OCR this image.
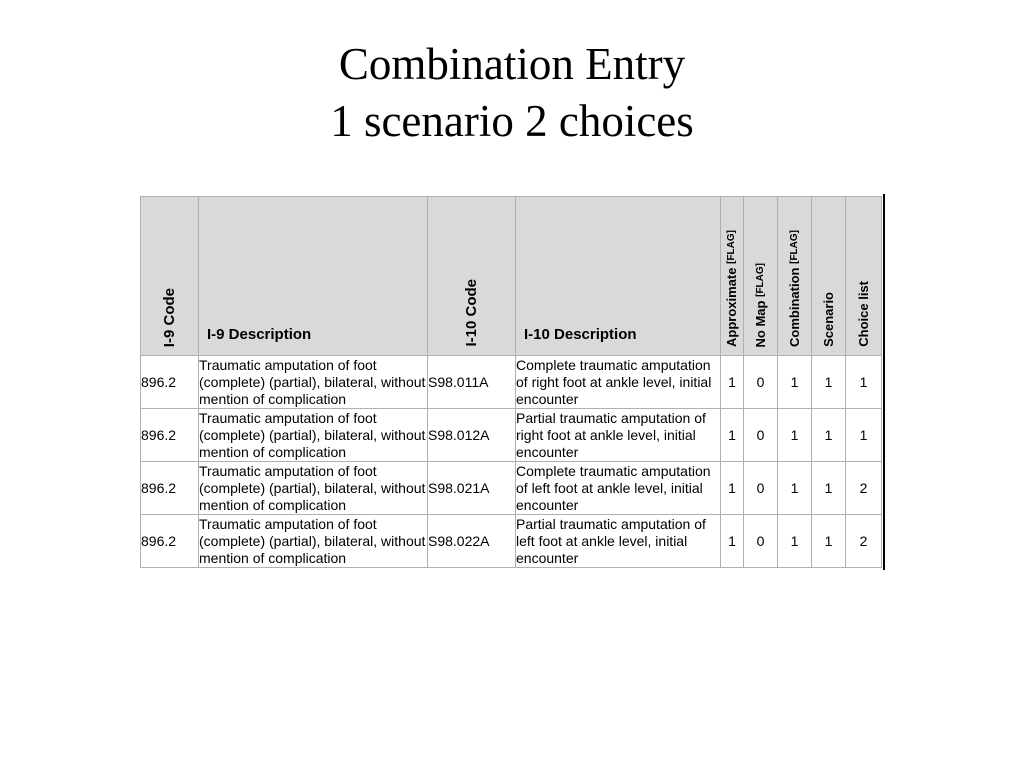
Combination Entry
1 scenario 2 choices
I-9 Code	I-9 Description	I-10 Code	I-10 Description	Approximate [FLAG]	No Map [FLAG]	Combination [FLAG]	Scenario	Choice list

896.2	Traumatic amputation of foot (complete) (partial), bilateral, without mention of complication	S98.011A	Complete traumatic amputation of right foot at ankle level, initial encounter	1	0	1	1	1
896.2	Traumatic amputation of foot (complete) (partial), bilateral, without mention of complication	S98.012A	Partial traumatic amputation of right foot at ankle level, initial encounter	1	0	1	1	1
896.2	Traumatic amputation of foot (complete) (partial), bilateral, without mention of complication	S98.021A	Complete traumatic amputation of left foot at ankle level, initial encounter	1	0	1	1	2
896.2	Traumatic amputation of foot (complete) (partial), bilateral, without mention of complication	S98.022A	Partial traumatic amputation of left foot at ankle level, initial encounter	1	0	1	1	2
